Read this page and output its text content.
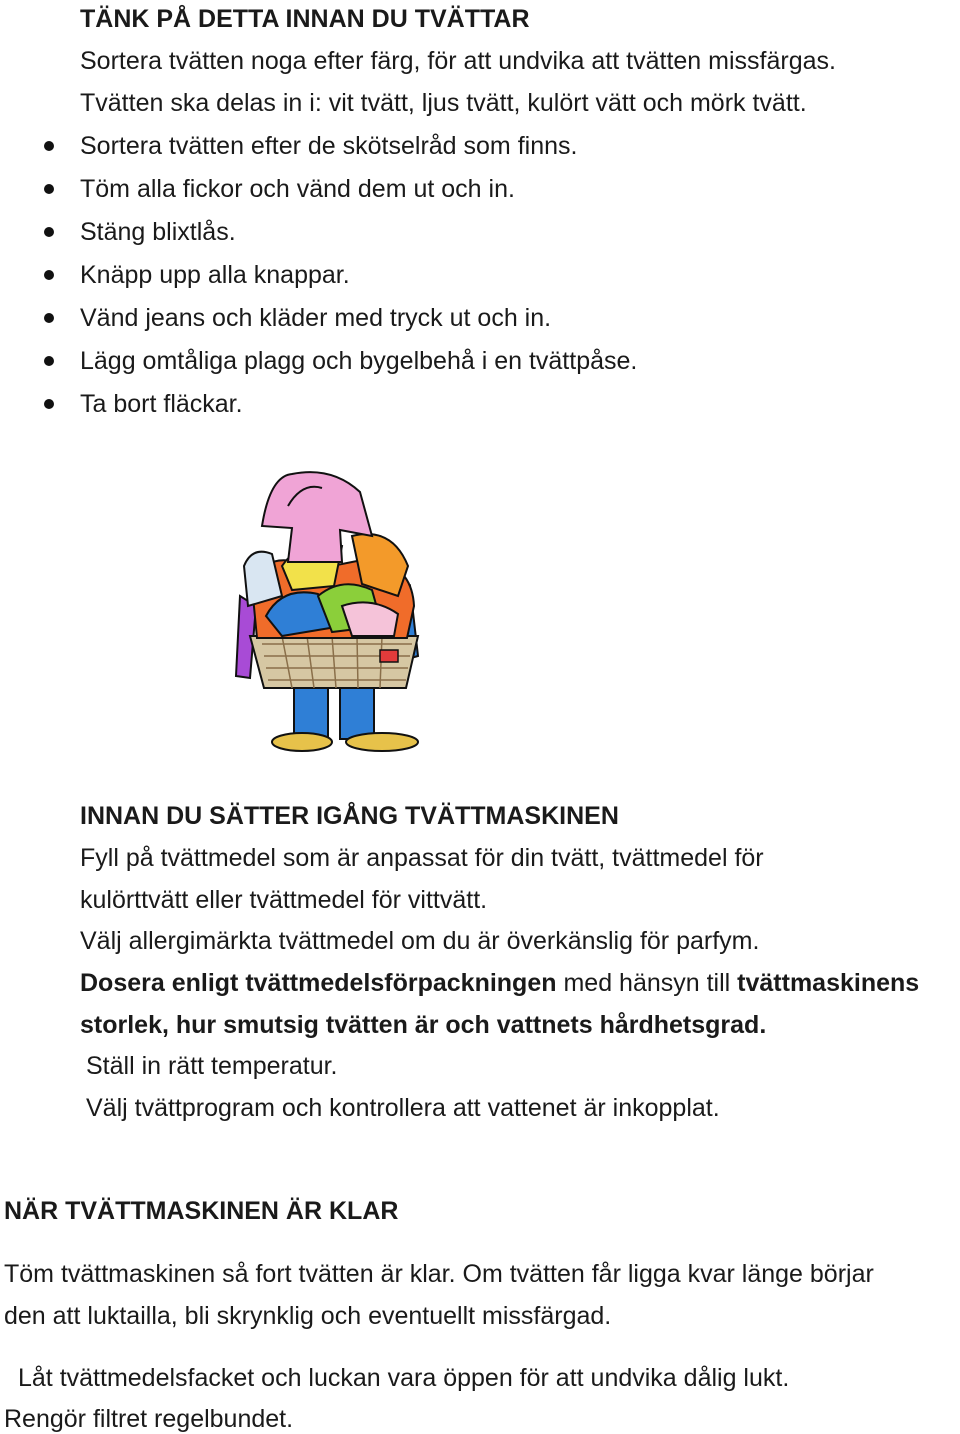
TÄNK PÅ DETTA INNAN DU TVÄTTAR
Sortera tvätten noga efter färg, för att undvika att tvätten missfärgas.
Tvätten ska delas in i: vit tvätt, ljus tvätt, kulört vätt och mörk tvätt.
Sortera tvätten efter de skötselråd som finns.
Töm alla fickor och vänd dem ut och in.
Stäng blixtlås.
Knäpp upp alla knappar.
Vänd jeans och kläder med tryck ut och in.
Lägg omtåliga plagg och bygelbehå i en tvättpåse.
Ta bort fläckar.
INNAN DU SÄTTER IGÅNG TVÄTTMASKINEN
Fyll på tvättmedel som är anpassat för din tvätt, tvättmedel för
kulörttvätt eller tvättmedel för vittvätt.
Välj allergimärkta tvättmedel om du är överkänslig för parfym.
Dosera enligt tvättmedelsförpackningen med hänsyn till tvättmaskinens
storlek, hur smutsig tvätten är och vattnets hårdhetsgrad.
Ställ in rätt temperatur.
Välj tvättprogram och kontrollera att vattenet är inkopplat.
NÄR TVÄTTMASKINEN ÄR KLAR
Töm tvättmaskinen så fort tvätten är klar. Om tvätten får ligga kvar länge börjar
den att luktailla, bli skrynklig och eventuellt missfärgad.
Låt tvättmedelsfacket och luckan vara öppen för att undvika dålig lukt.
Rengör filtret regelbundet.
